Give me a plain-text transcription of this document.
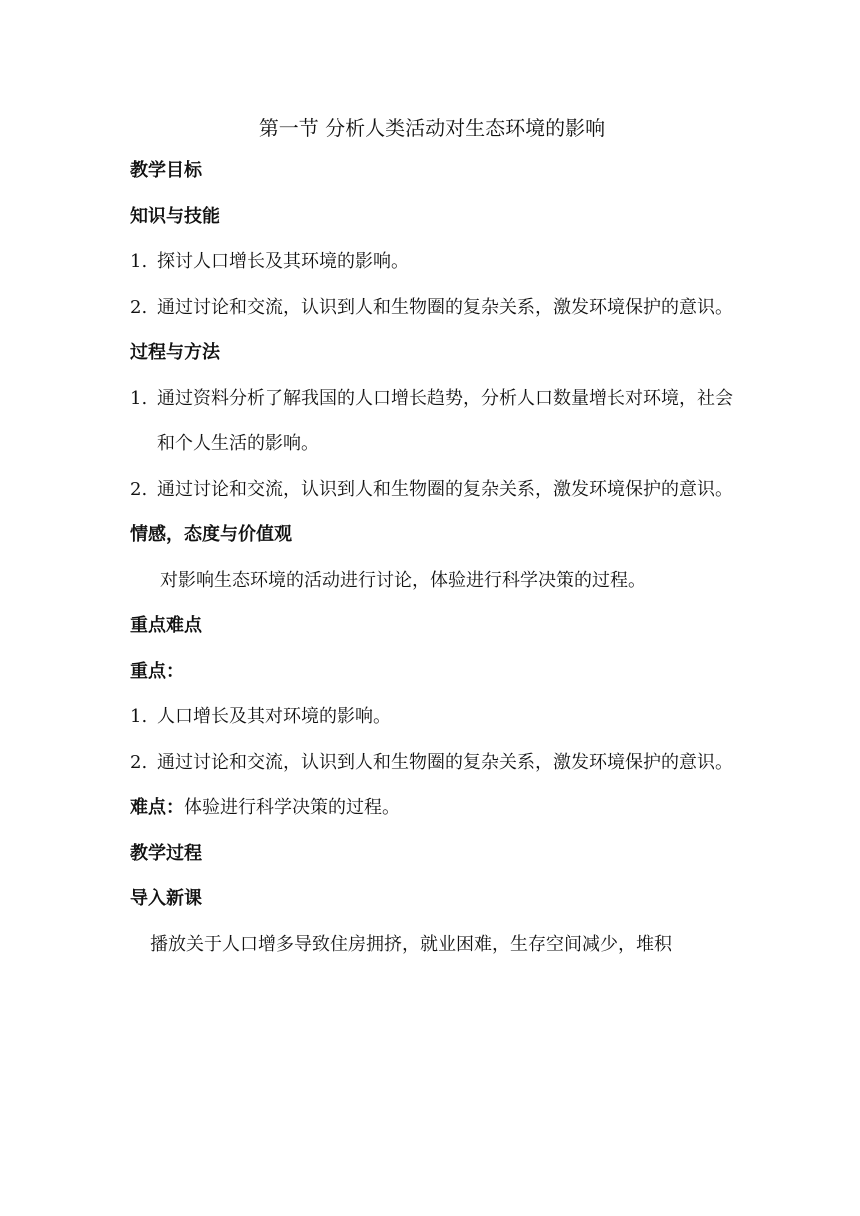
第一节 分析人类活动对生态环境的影响

教学目标

知识与技能

1. 探讨人口增长及其环境的影响。
2. 通过讨论和交流，认识到人和生物圈的复杂关系，激发环境保护的意识。

过程与方法

1. 通过资料分析了解我国的人口增长趋势，分析人口数量增长对环境，社会和个人生活的影响。
2. 通过讨论和交流，认识到人和生物圈的复杂关系，激发环境保护的意识。

情感，态度与价值观

对影响生态环境的活动进行讨论，体验进行科学决策的过程。

重点难点

重点：

1. 人口增长及其对环境的影响。
2. 通过讨论和交流，认识到人和生物圈的复杂关系，激发环境保护的意识。

难点：体验进行科学决策的过程。

教学过程

导入新课

播放关于人口增多导致住房拥挤，就业困难，生存空间减少，堆积
